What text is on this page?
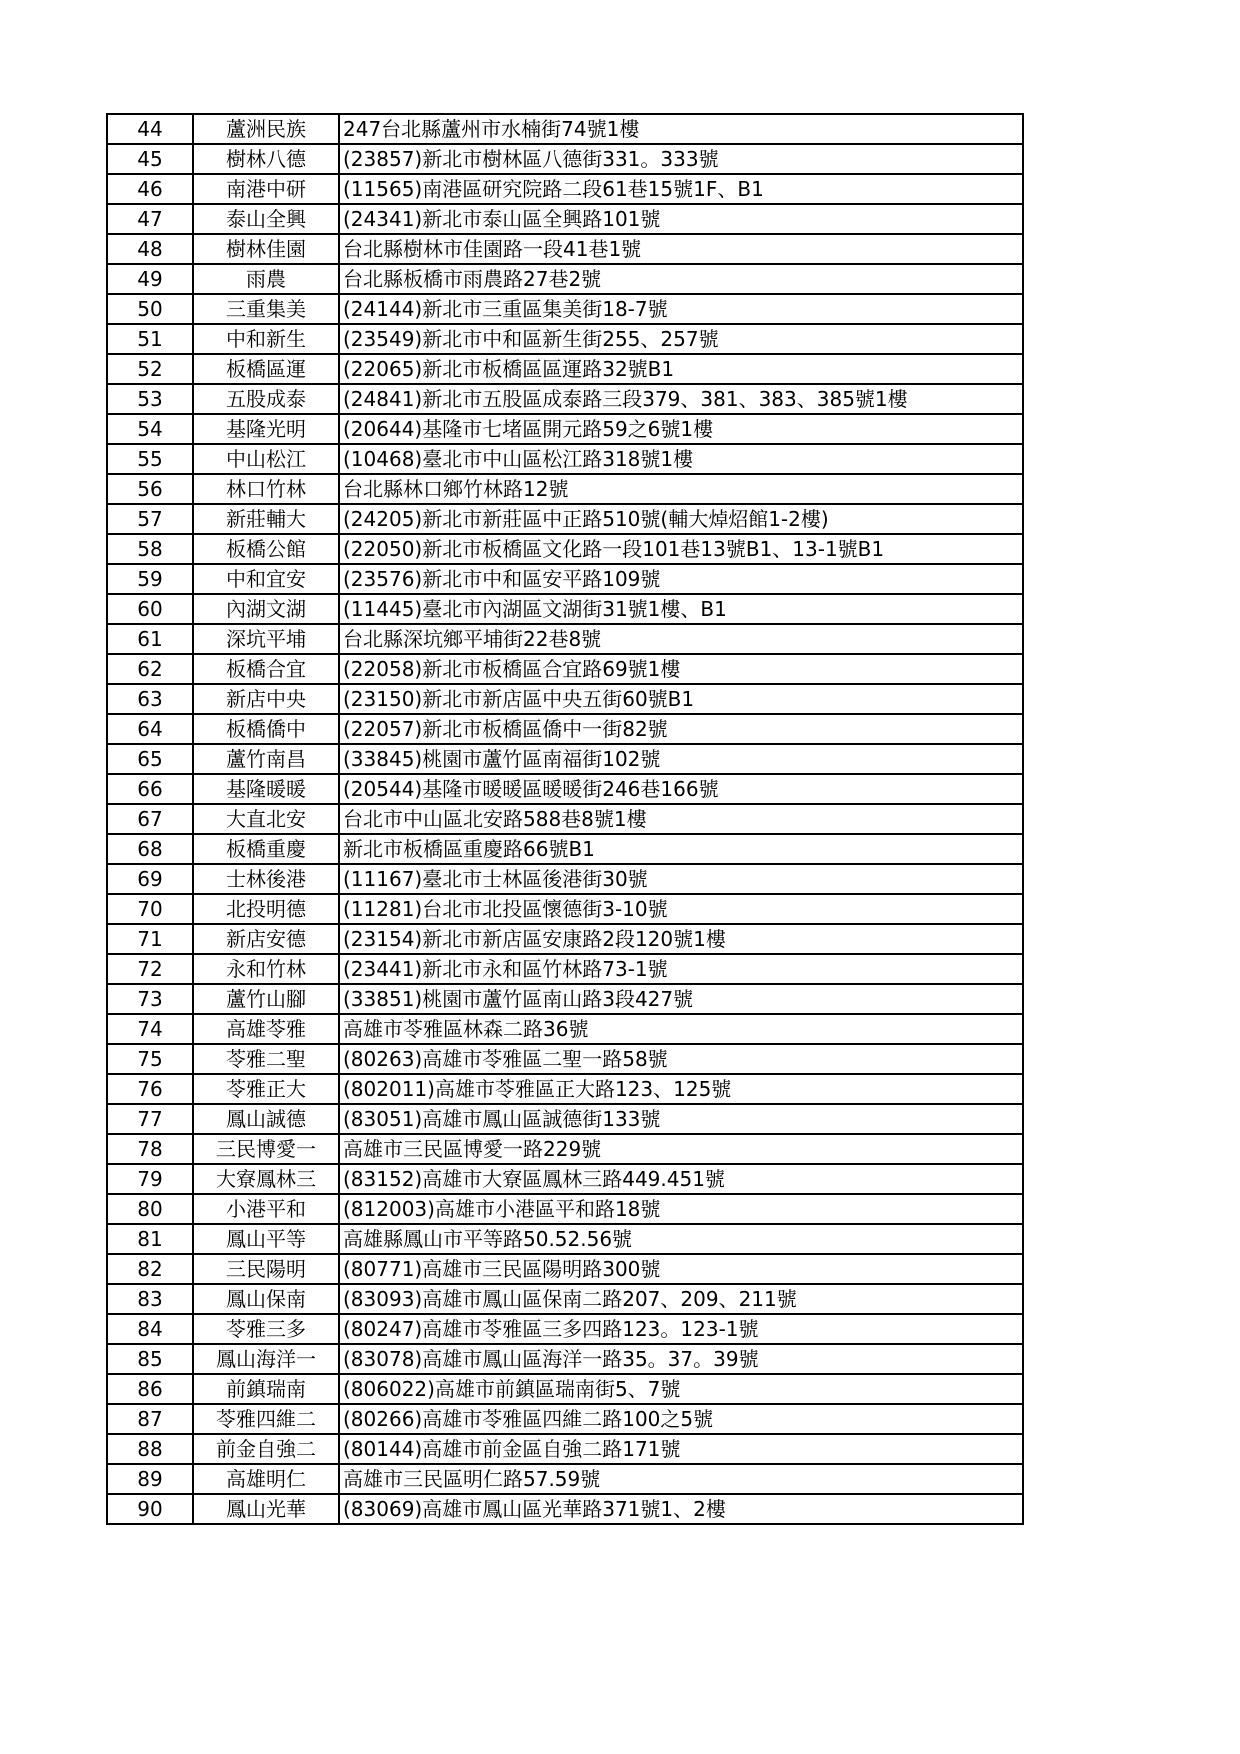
44	蘆洲民族	247台北縣蘆州市水楠街74號1樓
45	樹林八德	(23857)新北市樹林區八德街331。333號
46	南港中研	(11565)南港區研究院路二段61巷15號1F、B1
47	泰山全興	(24341)新北市泰山區全興路101號
48	樹林佳園	台北縣樹林市佳園路一段41巷1號
49	雨農	台北縣板橋市雨農路27巷2號
50	三重集美	(24144)新北市三重區集美街18-7號
51	中和新生	(23549)新北市中和區新生街255、257號
52	板橋區運	(22065)新北市板橋區區運路32號B1
53	五股成泰	(24841)新北市五股區成泰路三段379、381、383、385號1樓
54	基隆光明	(20644)基隆市七堵區開元路59之6號1樓
55	中山松江	(10468)臺北市中山區松江路318號1樓
56	林口竹林	台北縣林口鄉竹林路12號
57	新莊輔大	(24205)新北市新莊區中正路510號(輔大焯炤館1-2樓)
58	板橋公館	(22050)新北市板橋區文化路一段101巷13號B1、13-1號B1
59	中和宜安	(23576)新北市中和區安平路109號
60	內湖文湖	(11445)臺北市內湖區文湖街31號1樓、B1
61	深坑平埔	台北縣深坑鄉平埔街22巷8號
62	板橋合宜	(22058)新北市板橋區合宜路69號1樓
63	新店中央	(23150)新北市新店區中央五街60號B1
64	板橋僑中	(22057)新北市板橋區僑中一街82號
65	蘆竹南昌	(33845)桃園市蘆竹區南福街102號
66	基隆暖暖	(20544)基隆市暖暖區暖暖街246巷166號
67	大直北安	台北市中山區北安路588巷8號1樓
68	板橋重慶	新北市板橋區重慶路66號B1
69	士林後港	(11167)臺北市士林區後港街30號
70	北投明德	(11281)台北市北投區懷德街3-10號
71	新店安德	(23154)新北市新店區安康路2段120號1樓
72	永和竹林	(23441)新北市永和區竹林路73-1號
73	蘆竹山腳	(33851)桃園市蘆竹區南山路3段427號
74	高雄苓雅	高雄市苓雅區林森二路36號
75	苓雅二聖	(80263)高雄市苓雅區二聖一路58號
76	苓雅正大	(802011)高雄市苓雅區正大路123、125號
77	鳳山誠德	(83051)高雄市鳳山區誠德街133號
78	三民博愛一	高雄市三民區博愛一路229號
79	大寮鳳林三	(83152)高雄市大寮區鳳林三路449.451號
80	小港平和	(812003)高雄市小港區平和路18號
81	鳳山平等	高雄縣鳳山市平等路50.52.56號
82	三民陽明	(80771)高雄市三民區陽明路300號
83	鳳山保南	(83093)高雄市鳳山區保南二路207、209、211號
84	苓雅三多	(80247)高雄市苓雅區三多四路123。123-1號
85	鳳山海洋一	(83078)高雄市鳳山區海洋一路35。37。39號
86	前鎮瑞南	(806022)高雄市前鎮區瑞南街5、7號
87	苓雅四維二	(80266)高雄市苓雅區四維二路100之5號
88	前金自強二	(80144)高雄市前金區自強二路171號
89	高雄明仁	高雄市三民區明仁路57.59號
90	鳳山光華	(83069)高雄市鳳山區光華路371號1、2樓
